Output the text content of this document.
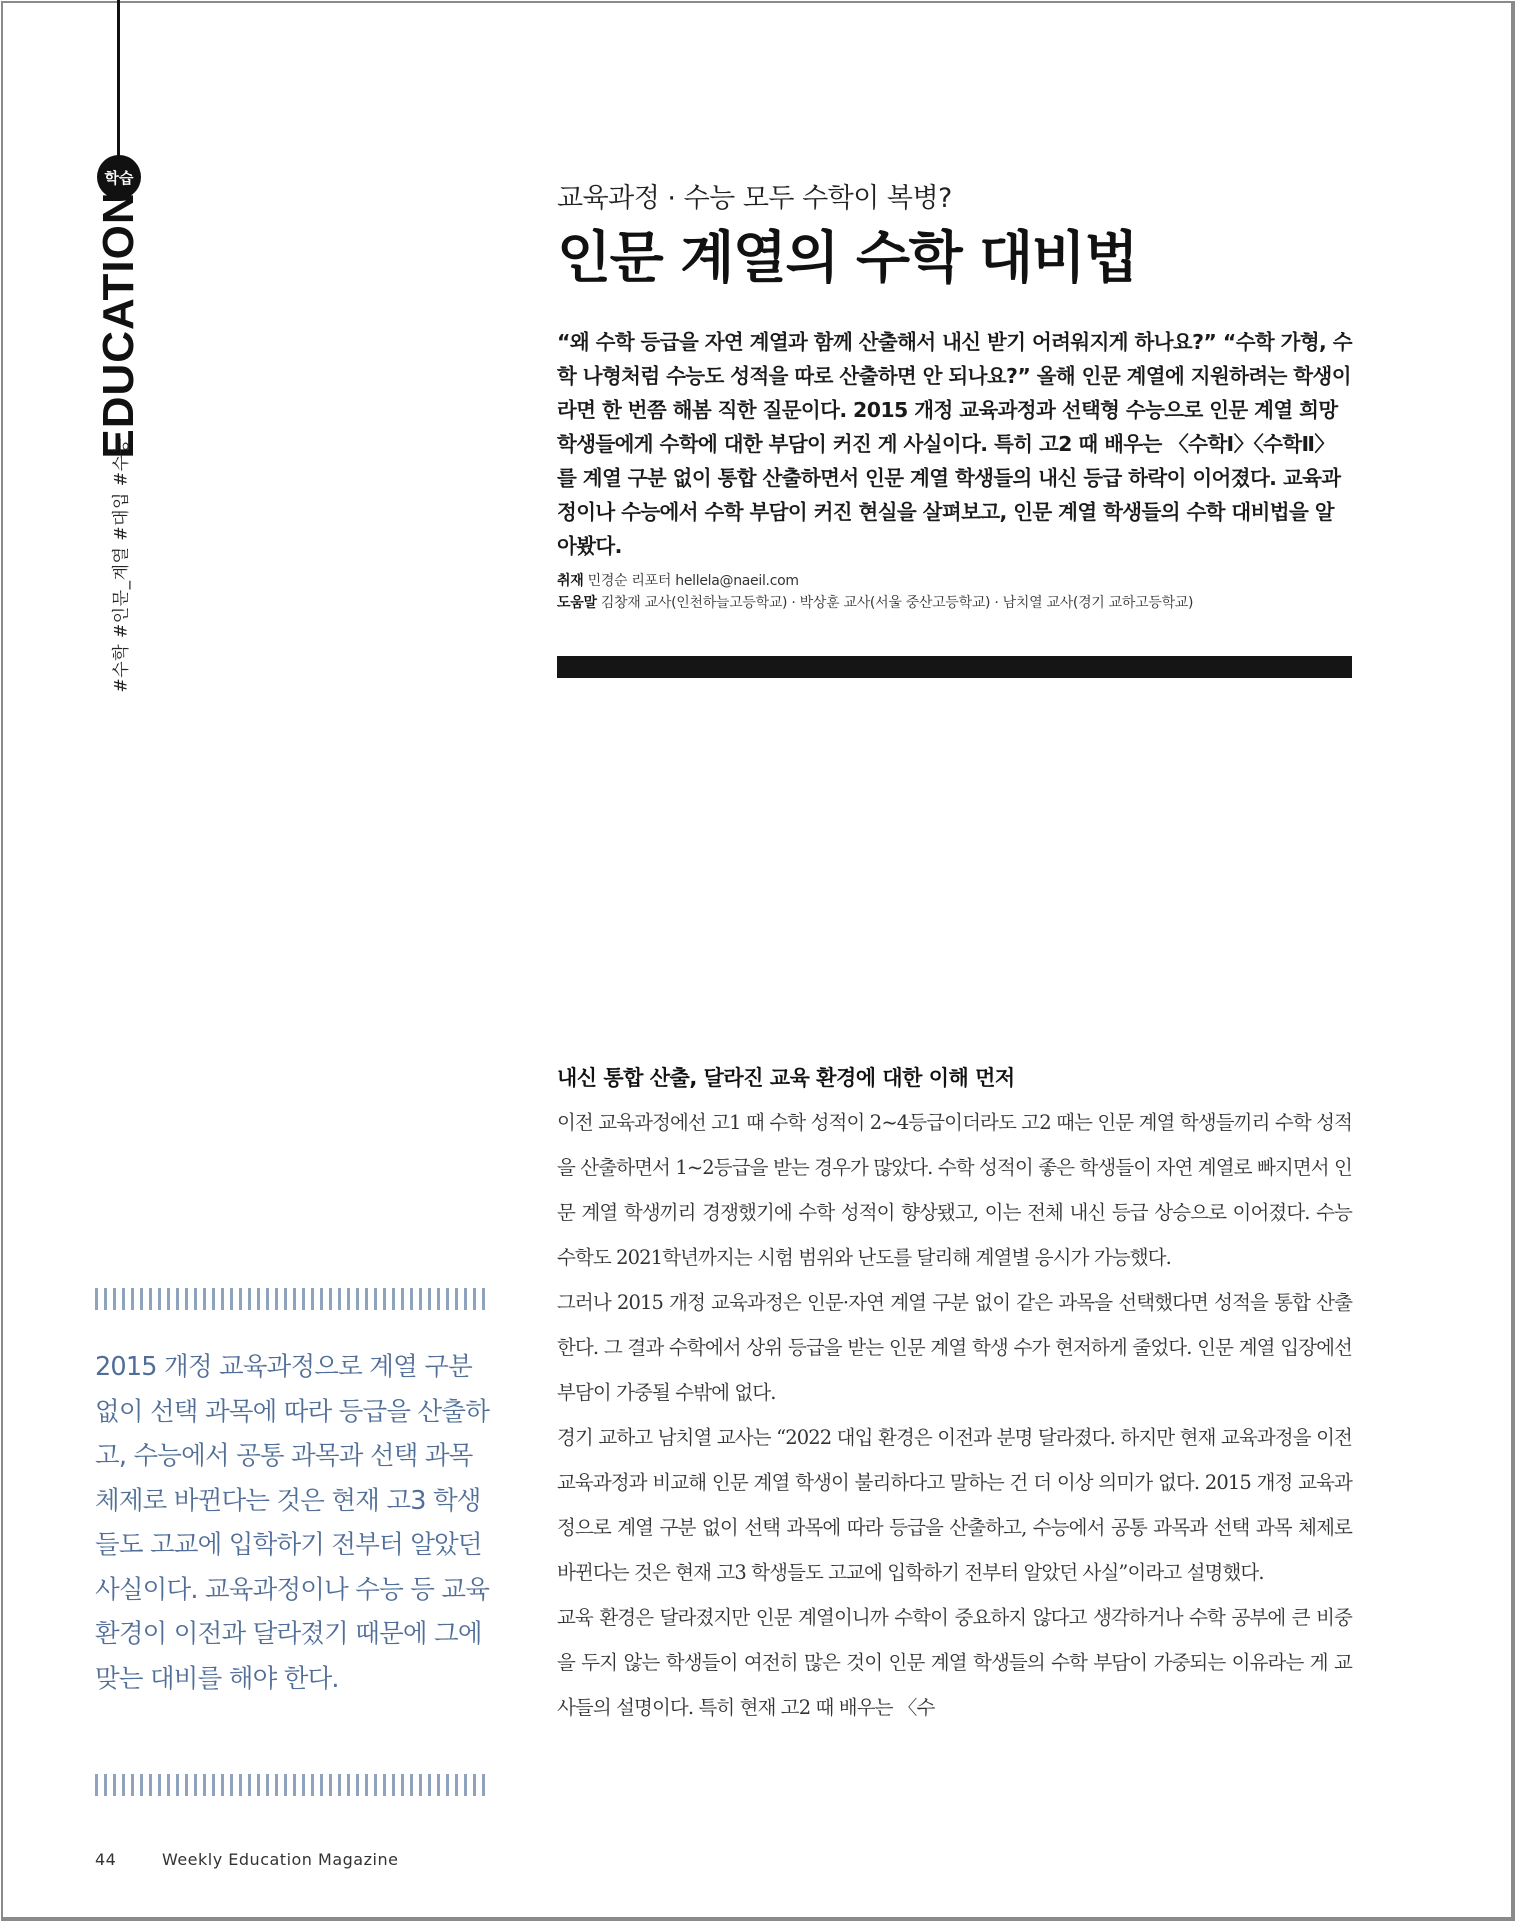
학습
EDUCATION
#수학 #인문_계열 #대입 #수능
교육과정 · 수능 모두 수학이 복병?
인문 계열의 수학 대비법

“왜 수학 등급을 자연 계열과 함께 산출해서 내신 받기 어려워지게 하나요?” “수학 가형, 수학 나형처럼 수능도 성적을 따로 산출하면 안 되나요?” 올해 인문 계열에 지원하려는 학생이라면 한 번쯤 해봄 직한 질문이다. 2015 개정 교육과정과 선택형 수능으로 인문 계열 희망 학생들에게 수학에 대한 부담이 커진 게 사실이다. 특히 고2 때 배우는 〈수학Ⅰ〉〈수학Ⅱ〉를 계열 구분 없이 통합 산출하면서 인문 계열 학생들의 내신 등급 하락이 이어졌다. 교육과정이나 수능에서 수학 부담이 커진 현실을 살펴보고, 인문 계열 학생들의 수학 대비법을 알아봤다.

취재 민경순 리포터 hellela@naeil.com
도움말 김창재 교사(인천하늘고등학교) · 박상훈 교사(서울 중산고등학교) · 남치열 교사(경기 교하고등학교)
내신 통합 산출, 달라진 교육 환경에 대한 이해 먼저

이전 교육과정에선 고1 때 수학 성적이 2~4등급이더라도 고2 때는 인문 계열 학생들끼리 수학 성적을 산출하면서 1~2등급을 받는 경우가 많았다. 수학 성적이 좋은 학생들이 자연 계열로 빠지면서 인문 계열 학생끼리 경쟁했기에 수학 성적이 향상됐고, 이는 전체 내신 등급 상승으로 이어졌다. 수능 수학도 2021학년까지는 시험 범위와 난도를 달리해 계열별 응시가 가능했다.

그러나 2015 개정 교육과정은 인문·자연 계열 구분 없이 같은 과목을 선택했다면 성적을 통합 산출한다. 그 결과 수학에서 상위 등급을 받는 인문 계열 학생 수가 현저하게 줄었다. 인문 계열 입장에선 부담이 가중될 수밖에 없다.

경기 교하고 남치열 교사는 “2022 대입 환경은 이전과 분명 달라졌다. 하지만 현재 교육과정을 이전 교육과정과 비교해 인문 계열 학생이 불리하다고 말하는 건 더 이상 의미가 없다. 2015 개정 교육과정으로 계열 구분 없이 선택 과목에 따라 등급을 산출하고, 수능에서 공통 과목과 선택 과목 체제로 바뀐다는 것은 현재 고3 학생들도 고교에 입학하기 전부터 알았던 사실”이라고 설명했다.

교육 환경은 달라졌지만 인문 계열이니까 수학이 중요하지 않다고 생각하거나 수학 공부에 큰 비중을 두지 않는 학생들이 여전히 많은 것이 인문 계열 학생들의 수학 부담이 가중되는 이유라는 게 교사들의 설명이다. 특히 현재 고2 때 배우는 〈수

2015 개정 교육과정으로 계열 구분 없이 선택 과목에 따라 등급을 산출하고, 수능에서 공통 과목과 선택 과목 체제로 바뀐다는 것은 현재 고3 학생들도 고교에 입학하기 전부터 알았던 사실이다. 교육과정이나 수능 등 교육 환경이 이전과 달라졌기 때문에 그에 맞는 대비를 해야 한다.

44	Weekly Education Magazine
